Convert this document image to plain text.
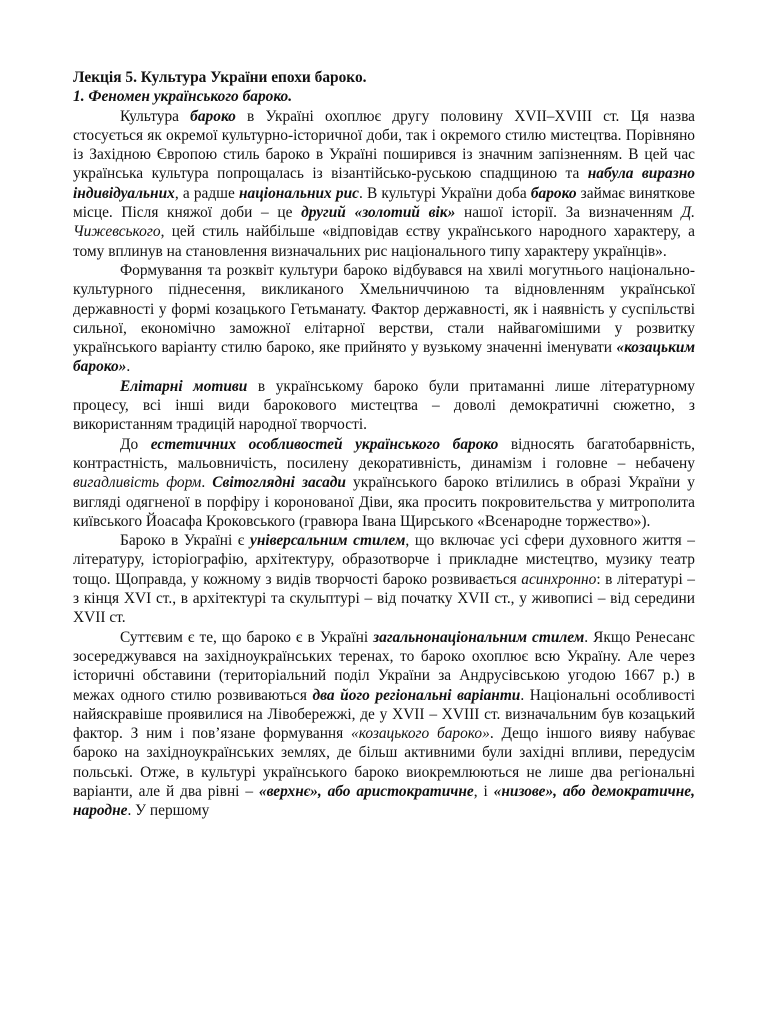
Лекція 5. Культура України епохи бароко.

1. Феномен українського бароко.

Культура бароко в Україні охоплює другу половину XVII–XVIII ст. Ця назва стосується як окремої культурно-історичної доби, так і окремого стилю мистецтва. Порівняно із Західною Європою стиль бароко в Україні поширився із значним запізненням. В цей час українська культура попрощалась із візантійсько-руською спадщиною та набула виразно індивідуальних, а радше національних рис. В культурі України доба бароко займає виняткове місце. Після княжої доби – це другий «золотий вік» нашої історії. За визначенням Д. Чижевського, цей стиль найбільше «відповідав єству українського народного характеру, а тому вплинув на становлення визначальних рис національного типу характеру українців».

Формування та розквіт культури бароко відбувався на хвилі могутнього національно-культурного піднесення, викликаного Хмельниччиною та відновленням української державності у формі козацького Гетьманату. Фактор державності, як і наявність у суспільстві сильної, економічно заможної елітарної верстви, стали найвагомішими у розвитку українського варіанту стилю бароко, яке прийнято у вузькому значенні іменувати «козацьким бароко».

Елітарні мотиви в українському бароко були притаманні лише літературному процесу, всі інші види барокового мистецтва – доволі демократичні сюжетно, з використанням традицій народної творчості.

До естетичних особливостей українського бароко відносять багатобарвність, контрастність, мальовничість, посилену декоративність, динамізм і головне – небачену вигадливість форм. Світоглядні засади українського бароко втілились в образі України у вигляді одягненої в порфіру і коронованої Діви, яка просить покровительства у митрополита київського Йоасафа Кроковського (гравюра Івана Щирського «Всенародне торжество»).

Бароко в Україні є універсальним стилем, що включає усі сфери духовного життя – літературу, історіографію, архітектуру, образотворче і прикладне мистецтво, музику театр тощо. Щоправда, у кожному з видів творчості бароко розвивається асинхронно: в літературі – з кінця XVI ст., в архітектурі та скульптурі – від початку XVII ст., у живописі – від середини XVII ст.

Суттєвим є те, що бароко є в Україні загальнонаціональним стилем. Якщо Ренесанс зосереджувався на західноукраїнських теренах, то бароко охоплює всю Україну. Але через історичні обставини (територіальний поділ України за Андрусівською угодою 1667 р.) в межах одного стилю розвиваються два його регіональні варіанти. Національні особливості найяскравіше проявилися на Лівобережжі, де у XVII – XVIII ст. визначальним був козацький фактор. З ним і пов’язане формування «козацького бароко». Дещо іншого вияву набуває бароко на західноукраїнських землях, де більш активними були західні впливи, передусім польські. Отже, в культурі українського бароко виокремлюються не лише два регіональні варіанти, але й два рівні – «верхнє», або аристократичне, і «низове», або демократичне, народне. У першому
